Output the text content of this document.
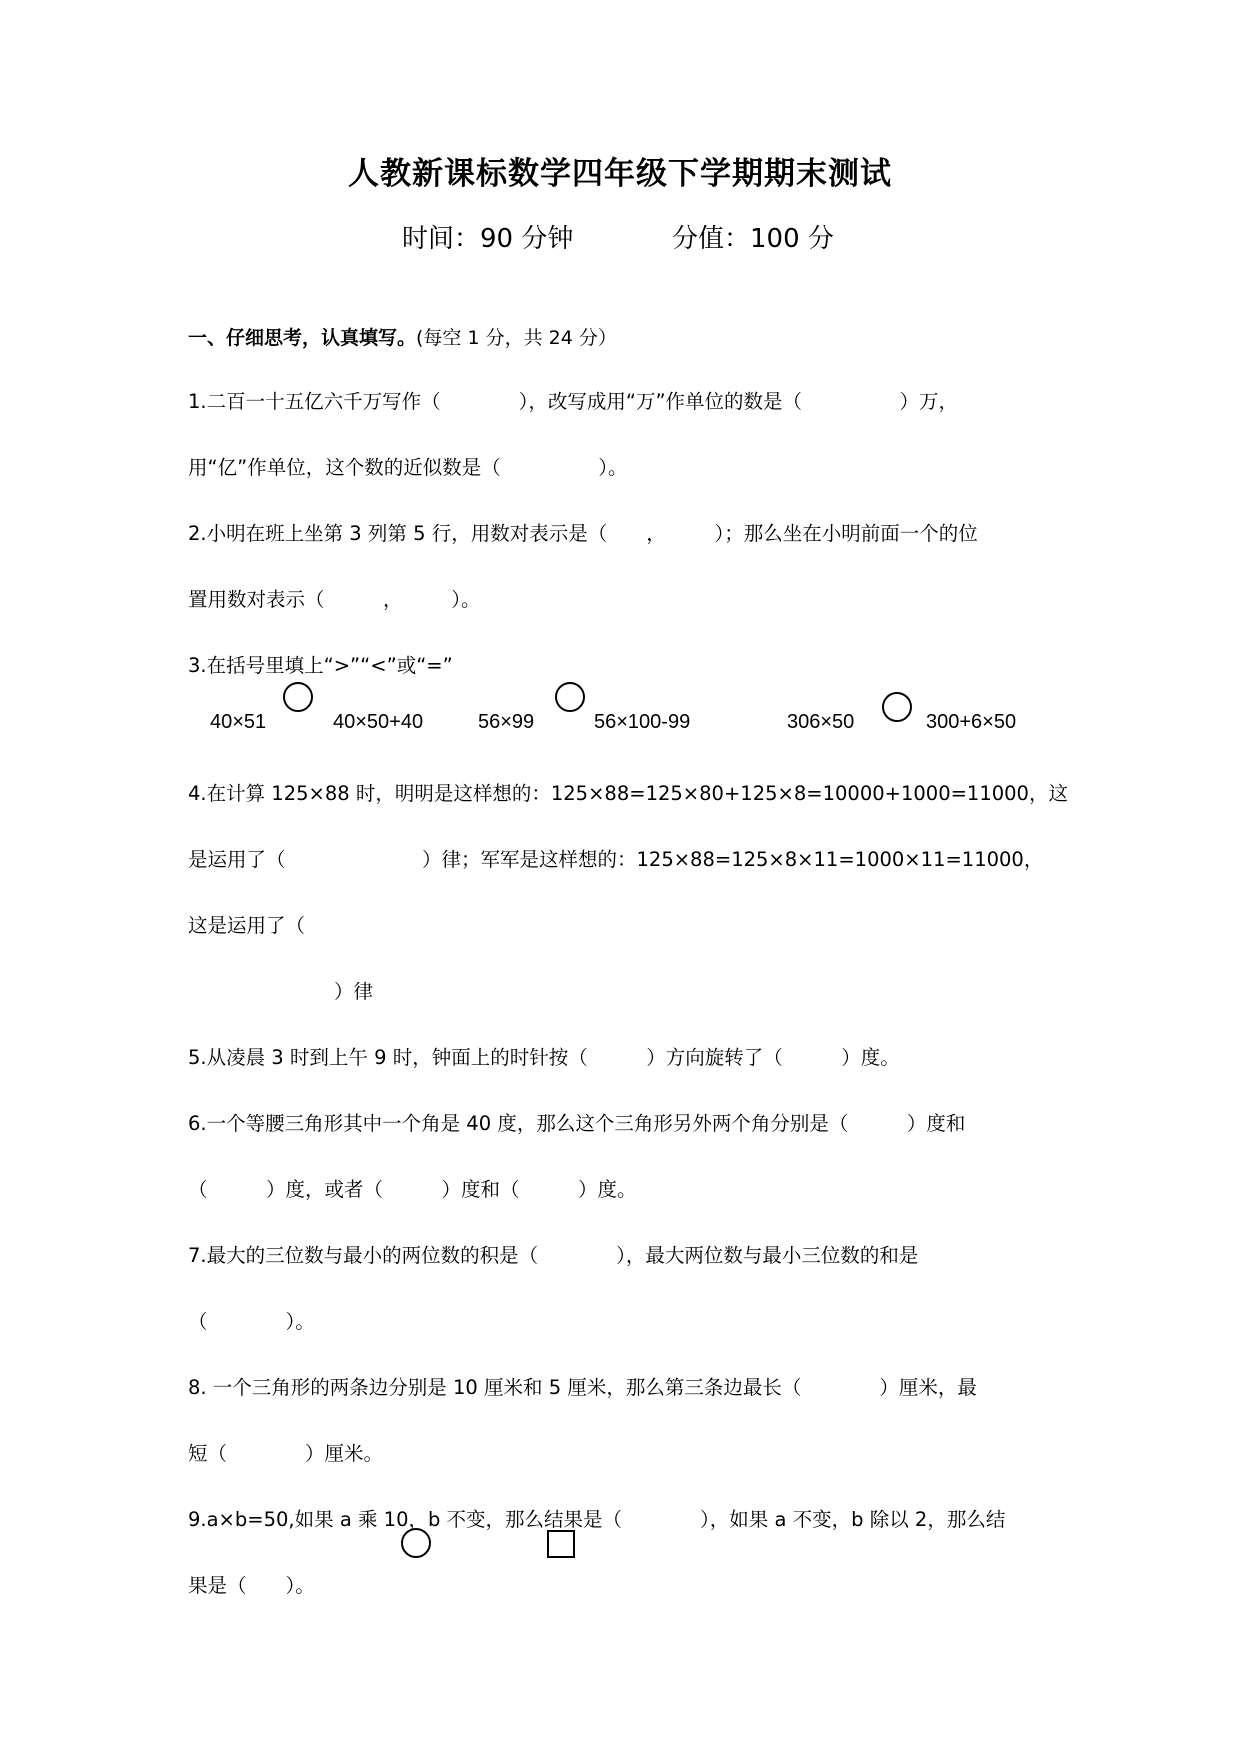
人教新课标数学四年级下学期期末测试
时间：90 分钟	分值：100 分
一、仔细思考，认真填写。(每空 1 分，共 24 分）
1.二百一十五亿六千万写作（　　　　），改写成用“万”作单位的数是（　　　　　）万，
用“亿”作单位，这个数的近似数是（　　　　　）。
2.小明在班上坐第 3 列第 5 行，用数对表示是（　　，　　　）；那么坐在小明前面一个的位
置用数对表示（　　　，　　　）。
3.在括号里填上“>”“<”或“=”
40×51	40×50+40	56×99	56×100-99	306×50	300+6×50
4.在计算 125×88 时，明明是这样想的：125×88=125×80+125×8=10000+1000=11000，这
是运用了（　　　　　　　）律；军军是这样想的：125×88=125×8×11=1000×11=11000，
这是运用了（
）律
5.从凌晨 3 时到上午 9 时，钟面上的时针按（　　　）方向旋转了（　　　）度。
6.一个等腰三角形其中一个角是 40 度，那么这个三角形另外两个角分别是（　　　）度和
（　　　）度，或者（　　　）度和（　　　）度。
7.最大的三位数与最小的两位数的积是（　　　　），最大两位数与最小三位数的和是
（　　　　）。
8. 一个三角形的两条边分别是 10 厘米和 5 厘米，那么第三条边最长（　　　　）厘米，最
短（　　　　）厘米。
9.a×b=50,如果 a 乘 10，b 不变，那么结果是（　　　　），如果 a 不变，b 除以 2，那么结
果是（　　）。
